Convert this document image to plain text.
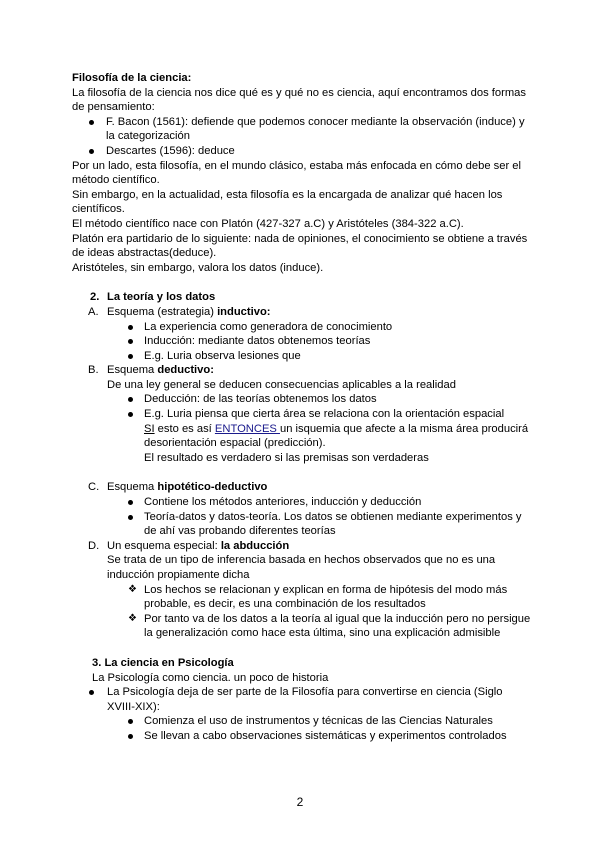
Filosofía de la ciencia:

La filosofía de la ciencia nos dice qué es y qué no es ciencia, aquí encontramos dos formas de pensamiento:

F. Bacon (1561): defiende que podemos conocer mediante la observación (induce) y la categorización

Descartes (1596): deduce

Por un lado, esta filosofía, en el mundo clásico, estaba más enfocada en cómo debe ser el método científico.

Sin embargo, en la actualidad, esta filosofía es la encargada de analizar qué hacen los científicos.

El método científico nace con Platón (427-327 a.C) y Aristóteles (384-322 a.C).

Platón era partidario de lo siguiente: nada de opiniones, el conocimiento se obtiene a través de ideas abstractas(deduce).

Aristóteles, sin embargo, valora los datos (induce).

2. La teoría y los datos
A. Esquema (estrategia) inductivo:

La experiencia como generadora de conocimiento

Inducción: mediante datos obtenemos teorías

E.g. Luria observa lesiones que

B. Esquema deductivo:

De una ley general se deducen consecuencias aplicables a la realidad

Deducción: de las teorías obtenemos los datos

E.g. Luria piensa que cierta área se relaciona con la orientación espacial

SI esto es así ENTONCES un isquemia que afecte a la misma área producirá desorientación espacial (predicción).

El resultado es verdadero si las premisas son verdaderas

C. Esquema hipotético-deductivo

Contiene los métodos anteriores, inducción y deducción

Teoría-datos y datos-teoría. Los datos se obtienen mediante experimentos y de ahí vas probando diferentes teorías

D. Un esquema especial: la abducción

Se trata de un tipo de inferencia basada en hechos observados que no es una inducción propiamente dicha

❖ Los hechos se relacionan y explican en forma de hipótesis del modo más probable, es decir, es una combinación de los resultados

❖ Por tanto va de los datos a la teoría al igual que la inducción pero no persigue la generalización como hace esta última, sino una explicación admisible

3. La ciencia en Psicología

La Psicología como ciencia. un poco de historia

La Psicología deja de ser parte de la Filosofía para convertirse en ciencia (Siglo XVIII-XIX):

Comienza el uso de instrumentos y técnicas de las Ciencias Naturales

Se llevan a cabo observaciones sistemáticas y experimentos controlados

2
